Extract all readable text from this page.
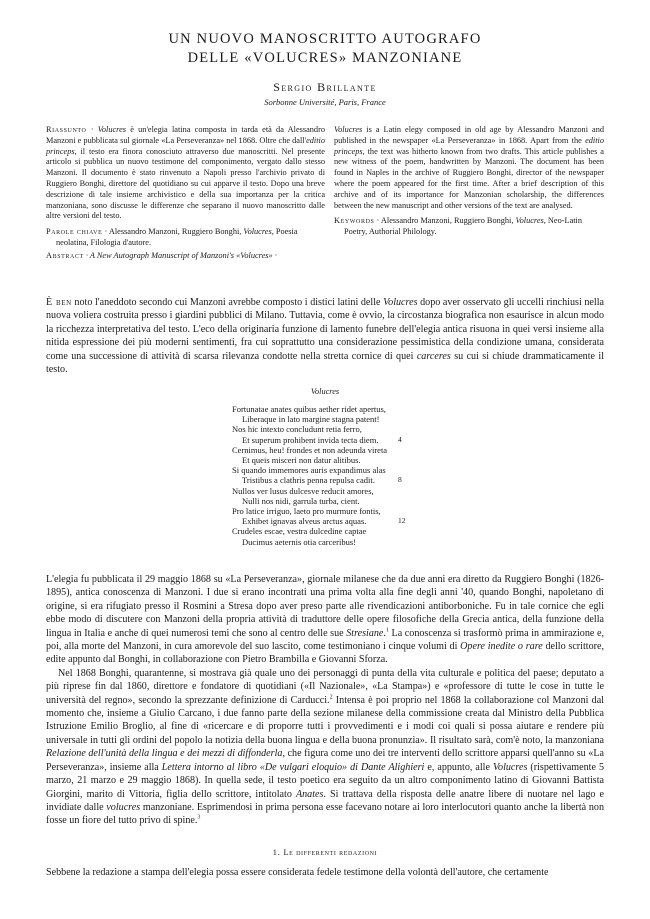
UN NUOVO MANOSCRITTO AUTOGRAFO
DELLE «VOLUCRES» MANZONIANE
Sergio Brillante
Sorbonne Université, Paris, France

Riassunto · Volucres è un'elegia latina composta in tarda età da Alessandro Manzoni e pubblicata sul giornale «La Perseveranza» nel 1868. Oltre che dall'editio princeps, il testo era finora conosciuto attraverso due manoscritti. Nel presente articolo si pubblica un nuovo testimone del componimento, vergato dallo stesso Manzoni. Il documento è stato rinvenuto a Napoli presso l'archivio privato di Ruggiero Bonghi, direttore del quotidiano su cui apparve il testo. Dopo una breve descrizione di tale insieme archivistico e della sua importanza per la critica manzoniana, sono discusse le differenze che separano il nuovo manoscritto dalle altre versioni del testo.

Parole chiave · Alessandro Manzoni, Ruggiero Bonghi, Volucres, Poesia neolatina, Filologia d'autore.

Abstract · A New Autograph Manuscript of Manzoni's «Volucres» ·

Volucres is a Latin elegy composed in old age by Alessandro Manzoni and published in the newspaper «La Perseveranza» in 1868. Apart from the editio princeps, the text was hitherto known from two drafts. This article publishes a new witness of the poem, handwritten by Manzoni. The document has been found in Naples in the archive of Ruggiero Bonghi, director of the newspaper where the poem appeared for the first time. After a brief description of this archive and of its importance for Manzonian scholarship, the differences between the new manuscript and other versions of the text are analysed.

Keywords · Alessandro Manzoni, Ruggiero Bonghi, Volucres, Neo-Latin Poetry, Authorial Philology.

È ben noto l'aneddoto secondo cui Manzoni avrebbe composto i distici latini delle Volucres dopo aver osservato gli uccelli rinchiusi nella nuova voliera costruita presso i giardini pubblici di Milano. Tuttavia, come è ovvio, la circostanza biografica non esaurisce in alcun modo la ricchezza interpretativa del testo. L'eco della originaria funzione di lamento funebre dell'elegia antica risuona in quei versi insieme alla nitida espressione dei più moderni sentimenti, fra cui soprattutto una considerazione pessimistica della condizione umana, considerata come una successione di attività di scarsa rilevanza condotte nella stretta cornice di quei carceres su cui si chiude drammaticamente il testo.

Volucres
Fortunatae anates quibus aether ridet apertus,
Liberaque in lato margine stagna patent!
Nos hic intexto concludunt retia ferro,
Et superum prohibent invida tecta diem.	4
Cernimus, heu! frondes et non adeunda vireta
Et queis misceri non datur alitibus.
Si quando immemores auris expandimus alas
Tristibus a clathris penna repulsa cadit.	8
Nullos ver lusus dulcesve reducit amores,
Nulli nos nidi, garrula turba, cient.
Pro latice irriguo, laeto pro murmure fontis,
Exhibet ignavas alveus arctus aquas.	12
Crudeles escae, vestra dulcedine captae
Ducimus aeternis otia carceribus!

L'elegia fu pubblicata il 29 maggio 1868 su «La Perseveranza», giornale milanese che da due anni era diretto da Ruggiero Bonghi (1826-1895), antica conoscenza di Manzoni. I due si erano incontrati una prima volta alla fine degli anni '40, quando Bonghi, napoletano di origine, si era rifugiato presso il Rosmini a Stresa dopo aver preso parte alle rivendicazioni antiborboniche. Fu in tale cornice che egli ebbe modo di discutere con Manzoni della propria attività di traduttore delle opere filosofiche della Grecia antica, della funzione della lingua in Italia e anche di quei numerosi temi che sono al centro delle sue Stresiane.$^1$ La conoscenza si trasformò prima in ammirazione e, poi, alla morte del Manzoni, in cura amorevole del suo lascito, come testimoniano i cinque volumi di Opere inedite o rare dello scrittore, edite appunto dal Bonghi, in collaborazione con Pietro Brambilla e Giovanni Sforza.

Nel 1868 Bonghi, quarantenne, si mostrava già quale uno dei personaggi di punta della vita culturale e politica del paese; deputato a più riprese fin dal 1860, direttore e fondatore di quotidiani («Il Nazionale», «La Stampa») e «professore di tutte le cose in tutte le università del regno», secondo la sprezzante definizione di Carducci.$^2$ Intensa è poi proprio nel 1868 la collaborazione col Manzoni dal momento che, insieme a Giulio Carcano, i due fanno parte della sezione milanese della commissione creata dal Ministro della Pubblica Istruzione Emilio Broglio, al fine di «ricercare e di proporre tutti i provvedimenti e i modi coi quali si possa aiutare e rendere più universale in tutti gli ordini del popolo la notizia della buona lingua e della buona pronunzia». Il risultato sarà, com'è noto, la manzoniana Relazione dell'unità della lingua e dei mezzi di diffonderla, che figura come uno dei tre interventi dello scrittore apparsi quell'anno su «La Perseveranza», insieme alla Lettera intorno al libro «De vulgari eloquio» di Dante Alighieri e, appunto, alle Volucres (rispettivamente 5 marzo, 21 marzo e 29 maggio 1868). In quella sede, il testo poetico era seguito da un altro componimento latino di Giovanni Battista Giorgini, marito di Vittoria, figlia dello scrittore, intitolato Anates. Si trattava della risposta delle anatre libere di nuotare nel lago e invidiate dalle volucres manzoniane. Esprimendosi in prima persona esse facevano notare ai loro interlocutori quanto anche la libertà non fosse un fiore del tutto privo di spine.$^3$

1. Le differenti redazioni
Sebbene la redazione a stampa dell'elegia possa essere considerata fedele testimone della volontà dell'autore, che certamente
